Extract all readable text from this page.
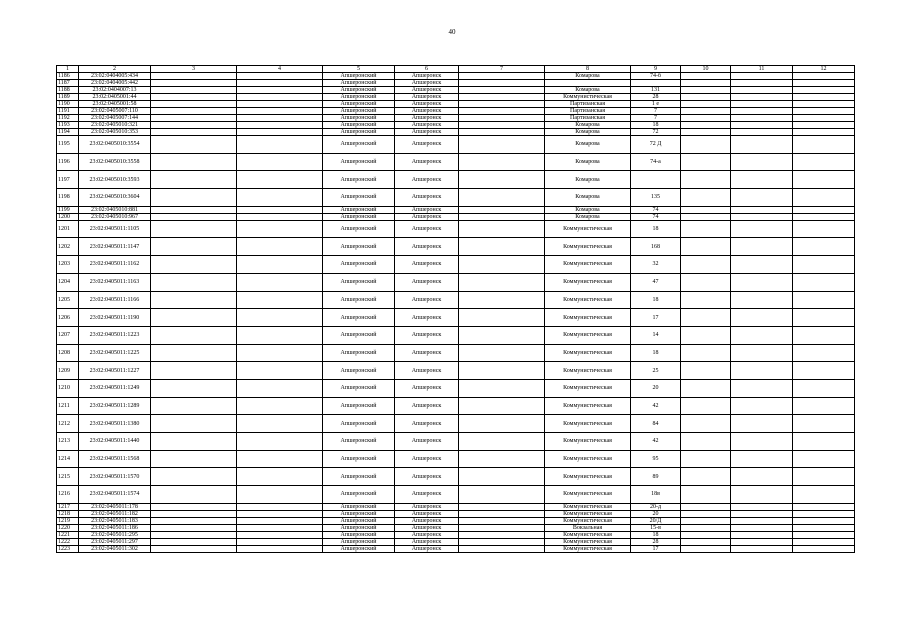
40
1	2	3	4	5	6	7	8	9	10	11	12
1186	23:02:0404005:434			Апшеронский	Апшеронск		Комарова	74-б			
1187	23:02:0404005:442			Апшеронский	Апшеронск						
1188	23:02:0404007:13			Апшеронский	Апшеронск		Комарова	131			
1189	23:02:0405001:44			Апшеронский	Апшеронск		Коммунистическая	28			
1190	23:02:0405001:58			Апшеронский	Апшеронск		Партизанская	1 е			
1191	23:02:0405007:110			Апшеронский	Апшеронск		Партизанская	7			
1192	23:02:0405007:144			Апшеронский	Апшеронск		Партизанская	7			
1193	23:02:0405010:321			Апшеронский	Апшеронск		Комарова	18			
1194	23:02:0405010:353			Апшеронский	Апшеронск		Комарова	72			
1195	23:02:0405010:3554			Апшеронский	Апшеронск		Комарова	72 Д			
1196	23:02:0405010:3558			Апшеронский	Апшеронск		Комарова	74-а			
1197	23:02:0405010:3593			Апшеронский	Апшеронск		Комарова				
1198	23:02:0405010:3604			Апшеронский	Апшеронск		Комарова	135			
1199	23:02:0405010:881			Апшеронский	Апшеронск		Комарова	74			
1200	23:02:0405010:967			Апшеронский	Апшеронск		Комарова	74			
1201	23:02:0405011:1105			Апшеронский	Апшеронск		Коммунистическая	18			
1202	23:02:0405011:1147			Апшеронский	Апшеронск		Коммунистическая	168			
1203	23:02:0405011:1162			Апшеронский	Апшеронск		Коммунистическая	32			
1204	23:02:0405011:1163			Апшеронский	Апшеронск		Коммунистическая	47			
1205	23:02:0405011:1166			Апшеронский	Апшеронск		Коммунистическая	18			
1206	23:02:0405011:1190			Апшеронский	Апшеронск		Коммунистическая	17			
1207	23:02:0405011:1223			Апшеронский	Апшеронск		Коммунистическая	14			
1208	23:02:0405011:1225			Апшеронский	Апшеронск		Коммунистическая	18			
1209	23:02:0405011:1227			Апшеронский	Апшеронск		Коммунистическая	25			
1210	23:02:0405011:1249			Апшеронский	Апшеронск		Коммунистическая	20			
1211	23:02:0405011:1289			Апшеронский	Апшеронск		Коммунистическая	42			
1212	23:02:0405011:1380			Апшеронский	Апшеронск		Коммунистическая	84			
1213	23:02:0405011:1440			Апшеронский	Апшеронск		Коммунистическая	42			
1214	23:02:0405011:1568			Апшеронский	Апшеронск		Коммунистическая	95			
1215	23:02:0405011:1570			Апшеронский	Апшеронск		Коммунистическая	89			
1216	23:02:0405011:1574			Апшеронский	Апшеронск		Коммунистическая	18в			
1217	23:02:0405011:178			Апшеронский	Апшеронск		Коммунистическая	20-д			
1218	23:02:0405011:182			Апшеронский	Апшеронск		Коммунистическая	20			
1219	23:02:0405011:183			Апшеронский	Апшеронск		Коммунистическая	20/Д			
1220	23:02:0405011:186			Апшеронский	Апшеронск		Вокзальная	15-в			
1221	23:02:0405011:295			Апшеронский	Апшеронск		Коммунистическая	18			
1222	23:02:0405011:297			Апшеронский	Апшеронск		Коммунистическая	28			
1223	23:02:0405011:302			Апшеронский	Апшеронск		Коммунистическая	17			
